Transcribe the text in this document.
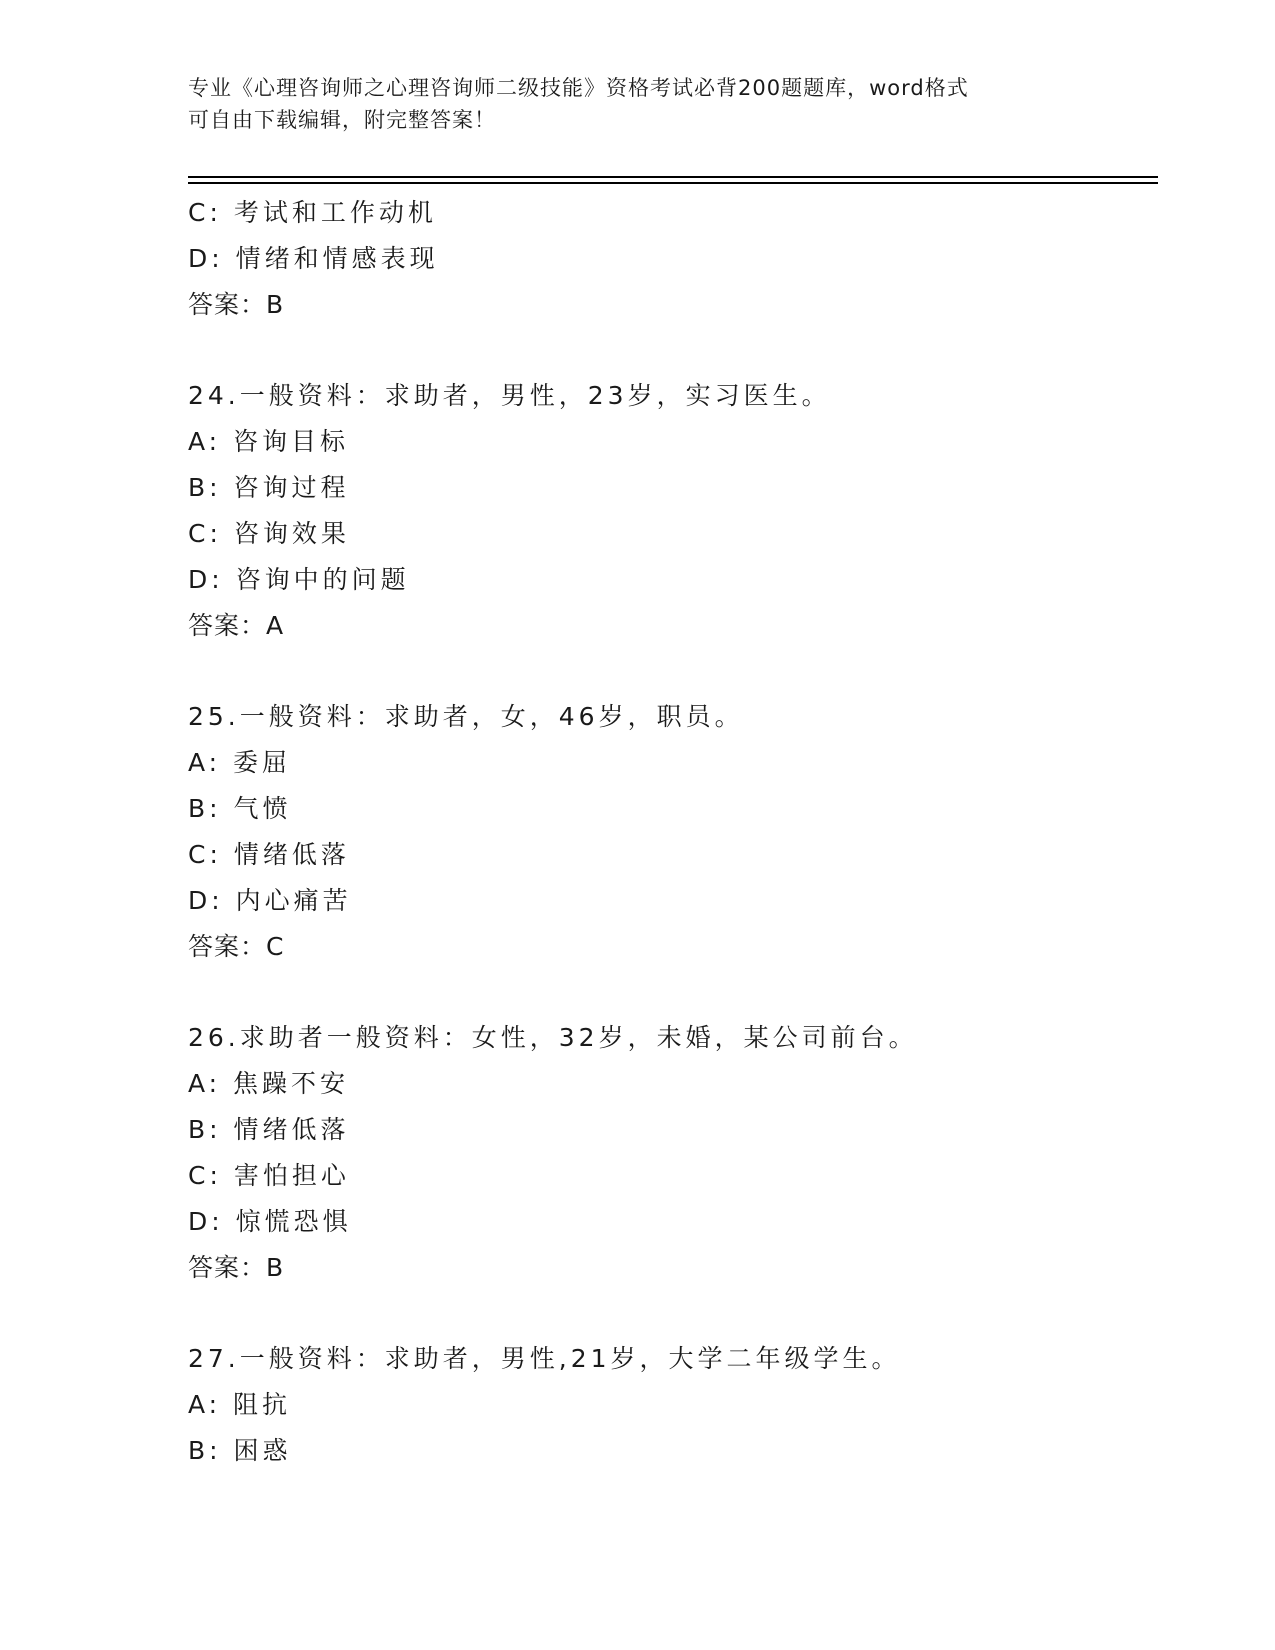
专业《心理咨询师之心理咨询师二级技能》资格考试必背200题题库，word格式
可自由下载编辑，附完整答案！
C: 考试和工作动机
D: 情绪和情感表现
答案：B
24.一般资料：求助者，男性，23岁，实习医生。
A: 咨询目标
B: 咨询过程
C: 咨询效果
D: 咨询中的问题
答案：A
25.一般资料：求助者，女，46岁，职员。
A: 委屈
B: 气愤
C: 情绪低落
D: 内心痛苦
答案：C
26.求助者一般资料：女性，32岁，未婚，某公司前台。
A: 焦躁不安
B: 情绪低落
C: 害怕担心
D: 惊慌恐惧
答案：B
27.一般资料：求助者，男性,21岁，大学二年级学生。
A: 阻抗
B: 困惑
